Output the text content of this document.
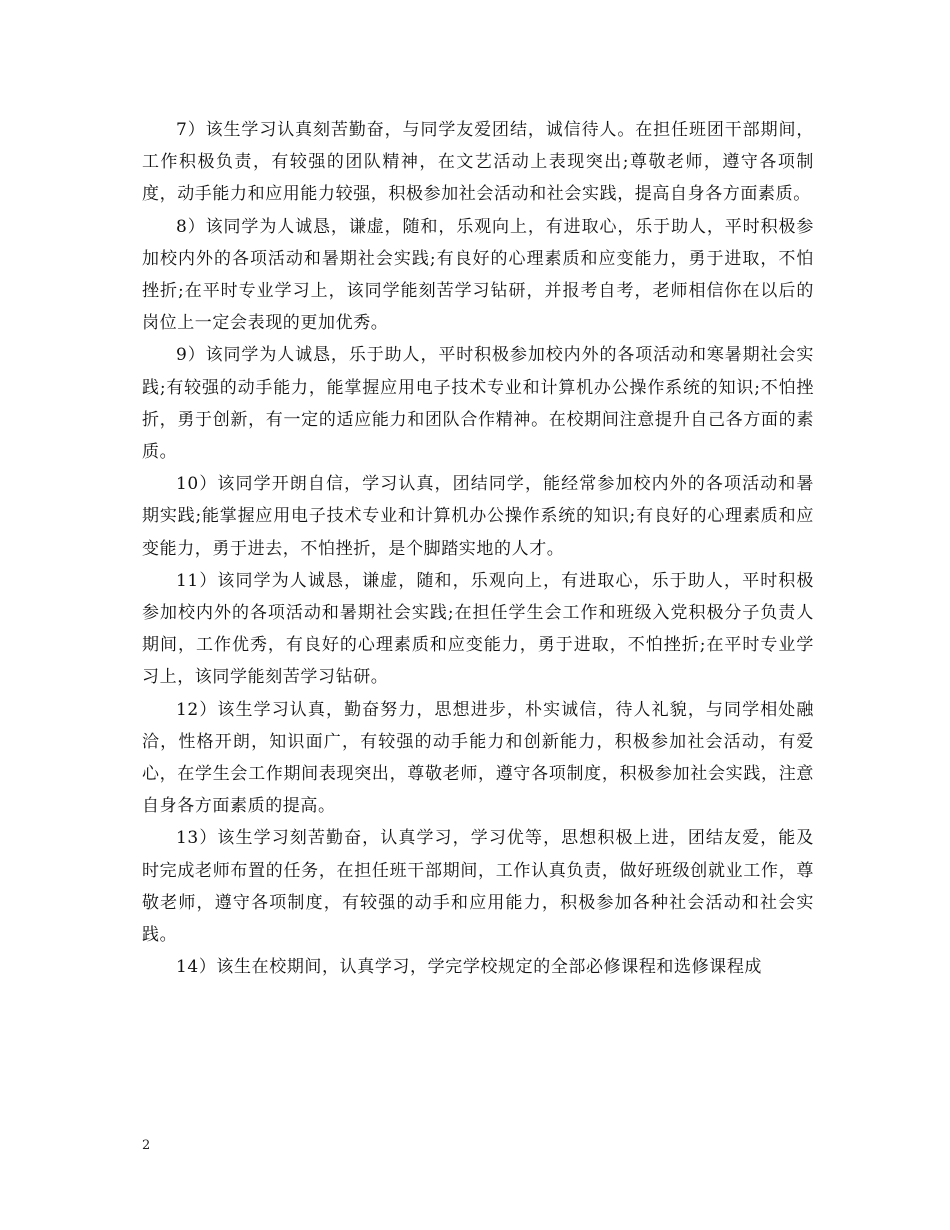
7）该生学习认真刻苦勤奋，与同学友爱团结，诚信待人。在担任班团干部期间，工作积极负责，有较强的团队精神，在文艺活动上表现突出;尊敬老师，遵守各项制度，动手能力和应用能力较强，积极参加社会活动和社会实践，提高自身各方面素质。

8）该同学为人诚恳，谦虚，随和，乐观向上，有进取心，乐于助人，平时积极参加校内外的各项活动和暑期社会实践;有良好的心理素质和应变能力，勇于进取，不怕挫折;在平时专业学习上，该同学能刻苦学习钻研，并报考自考，老师相信你在以后的岗位上一定会表现的更加优秀。

9）该同学为人诚恳，乐于助人，平时积极参加校内外的各项活动和寒暑期社会实践;有较强的动手能力，能掌握应用电子技术专业和计算机办公操作系统的知识;不怕挫折，勇于创新，有一定的适应能力和团队合作精神。在校期间注意提升自己各方面的素质。

10）该同学开朗自信，学习认真，团结同学，能经常参加校内外的各项活动和暑期实践;能掌握应用电子技术专业和计算机办公操作系统的知识;有良好的心理素质和应变能力，勇于进去，不怕挫折，是个脚踏实地的人才。

11）该同学为人诚恳，谦虚，随和，乐观向上，有进取心，乐于助人，平时积极参加校内外的各项活动和暑期社会实践;在担任学生会工作和班级入党积极分子负责人期间，工作优秀，有良好的心理素质和应变能力，勇于进取，不怕挫折;在平时专业学习上，该同学能刻苦学习钻研。

12）该生学习认真，勤奋努力，思想进步，朴实诚信，待人礼貌，与同学相处融洽，性格开朗，知识面广，有较强的动手能力和创新能力，积极参加社会活动，有爱心，在学生会工作期间表现突出，尊敬老师，遵守各项制度，积极参加社会实践，注意自身各方面素质的提高。

13）该生学习刻苦勤奋，认真学习，学习优等，思想积极上进，团结友爱，能及时完成老师布置的任务，在担任班干部期间，工作认真负责，做好班级创就业工作，尊敬老师，遵守各项制度，有较强的动手和应用能力，积极参加各种社会活动和社会实践。

14）该生在校期间，认真学习，学完学校规定的全部必修课程和选修课程成

2
